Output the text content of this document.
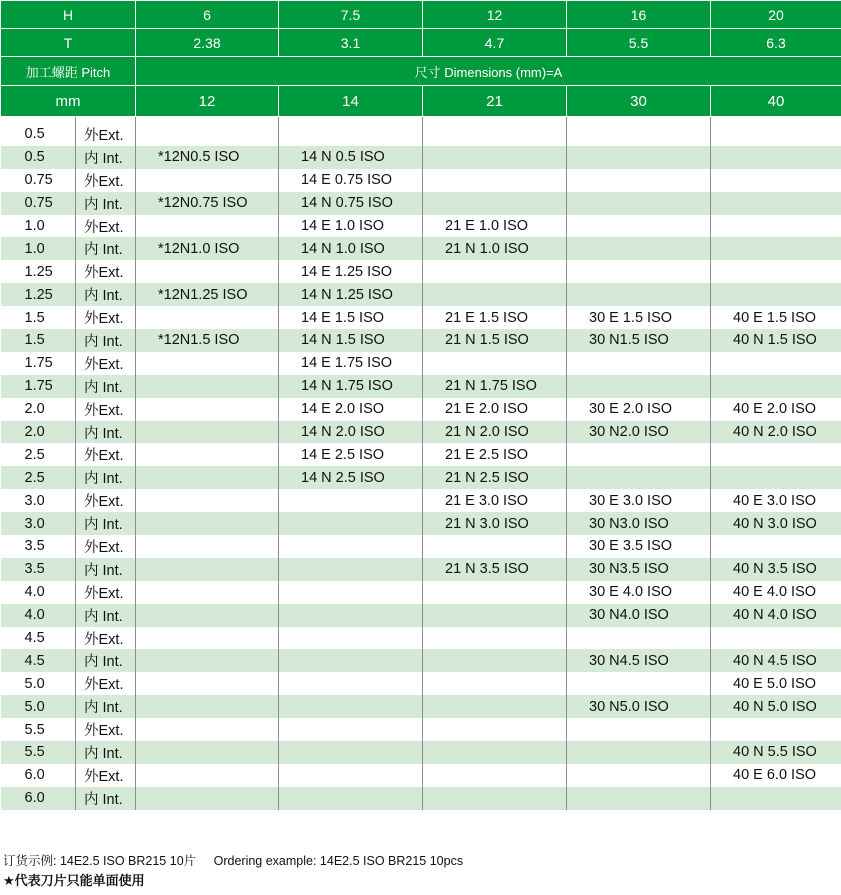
H		6	7.5	12	16	20
T		2.38	3.1	4.7	5.5	6.3
加工螺距 Pitch		尺寸 Dimensions (mm)=A				
mm		12	14	21	30	40
0.5	外Ext.					
0.5	内 Int.	*12N0.5 ISO	14 N 0.5 ISO			
0.75	外Ext.		14 E 0.75 ISO			
0.75	内 Int.	*12N0.75 ISO	14 N 0.75 ISO			
1.0	外Ext.		14 E 1.0 ISO	21 E 1.0 ISO		
1.0	内 Int.	*12N1.0 ISO	14 N 1.0 ISO	21 N 1.0 ISO		
1.25	外Ext.		14 E 1.25 ISO			
1.25	内 Int.	*12N1.25 ISO	14 N 1.25 ISO			
1.5	外Ext.		14 E 1.5 ISO	21 E 1.5 ISO	30 E 1.5 ISO	40 E 1.5 ISO
1.5	内 Int.	*12N1.5 ISO	14 N 1.5 ISO	21 N 1.5 ISO	30 N1.5 ISO	40 N 1.5 ISO
1.75	外Ext.		14 E 1.75 ISO			
1.75	内 Int.		14 N 1.75 ISO	21 N 1.75 ISO		
2.0	外Ext.		14 E 2.0 ISO	21 E 2.0 ISO	30 E 2.0 ISO	40 E 2.0 ISO
2.0	内 Int.		14 N 2.0 ISO	21 N 2.0 ISO	30 N2.0 ISO	40 N 2.0 ISO
2.5	外Ext.		14 E 2.5 ISO	21 E 2.5 ISO		
2.5	内 Int.		14 N 2.5 ISO	21 N 2.5 ISO		
3.0	外Ext.			21 E 3.0 ISO	30 E 3.0 ISO	40 E 3.0 ISO
3.0	内 Int.			21 N 3.0 ISO	30 N3.0 ISO	40 N 3.0 ISO
3.5	外Ext.				30 E 3.5 ISO	
3.5	内 Int.			21 N 3.5 ISO	30 N3.5 ISO	40 N 3.5 ISO
4.0	外Ext.				30 E 4.0 ISO	40 E 4.0 ISO
4.0	内 Int.				30 N4.0 ISO	40 N 4.0 ISO
4.5	外Ext.					
4.5	内 Int.				30 N4.5 ISO	40 N 4.5 ISO
5.0	外Ext.					40 E 5.0 ISO
5.0	内 Int.				30 N5.0 ISO	40 N 5.0 ISO
5.5	外Ext.					
5.5	内 Int.					40 N 5.5 ISO
6.0	外Ext.					40 E 6.0 ISO
6.0	内 Int.					
订货示例: 14E2.5 ISO BR215 10片 Ordering example: 14E2.5 ISO BR215 10pcs
★代表刀片只能单面使用
